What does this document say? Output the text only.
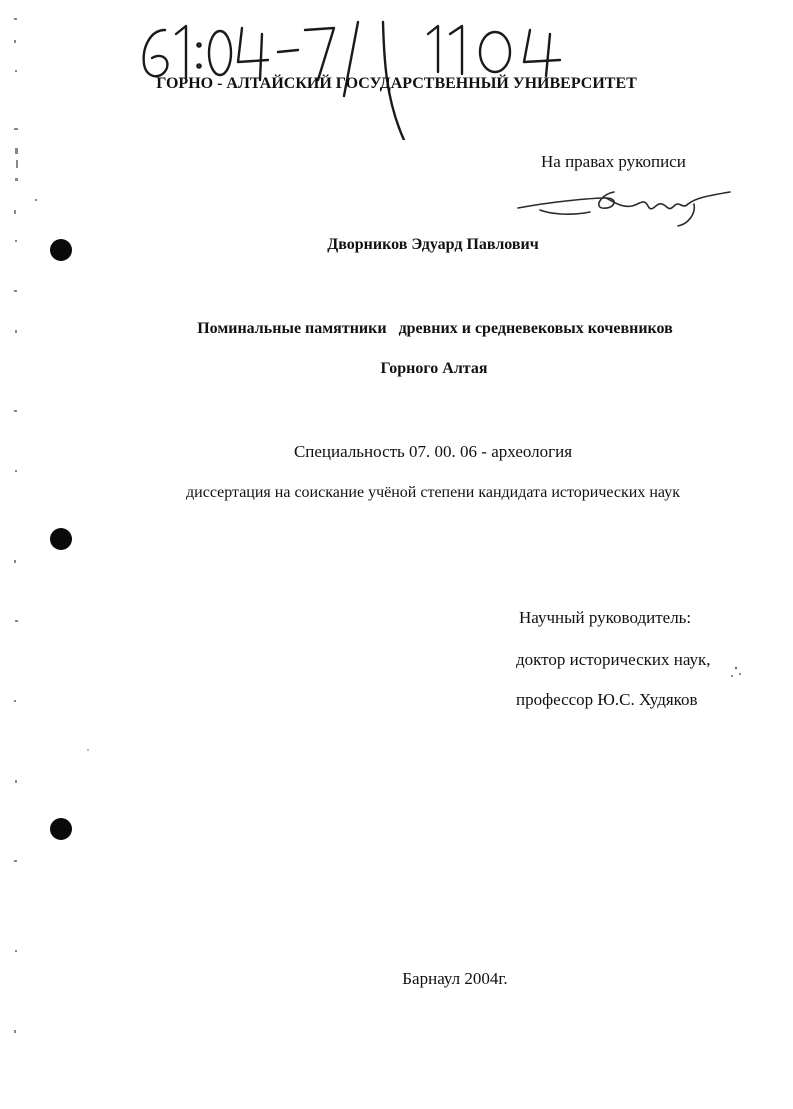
ГОРНО - АЛТАЙСКИЙ ГОСУДАРСТВЕННЫЙ УНИВЕРСИТЕТ
На правах рукописи
Дворников Эдуард Павлович
Поминальные памятники   древних и средневековых кочевников
Горного Алтая
Специальность 07. 00. 06 - археология
диссертация на соискание учёной степени кандидата исторических наук
Научный руководитель:
доктор исторических наук,
профессор Ю.С. Худяков
Барнаул 2004г.
